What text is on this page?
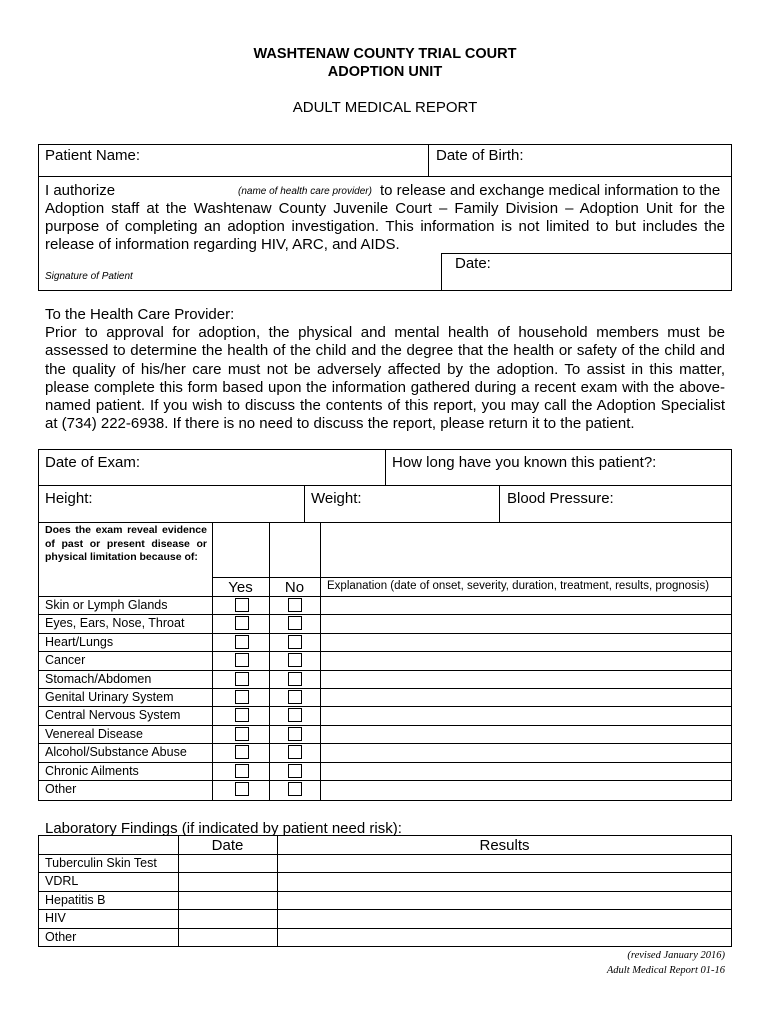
WASHTENAW COUNTY TRIAL COURT
ADOPTION UNIT
ADULT MEDICAL REPORT
Patient Name:	Date of Birth:
I authorize	(name of health care provider) to release and exchange medical information to the
Adoption staff at the Washtenaw County Juvenile Court – Family Division – Adoption Unit for the purpose of completing an adoption investigation. This information is not limited to but includes the release of information regarding HIV, ARC, and AIDS.
Date:
Signature of Patient
To the Health Care Provider:
Prior to approval for adoption, the physical and mental health of household members must be assessed to determine the health of the child and the degree that the health or safety of the child and the quality of his/her care must not be adversely affected by the adoption. To assist in this matter, please complete this form based upon the information gathered during a recent exam with the above-named patient. If you wish to discuss the contents of this report, you may call the Adoption Specialist at (734) 222-6938. If there is no need to discuss the report, please return it to the patient.
Date of Exam:	How long have you known this patient?:
Height:	Weight:	Blood Pressure:
Does the exam reveal evidence of past or present disease or physical limitation because of:
Yes	No	Explanation (date of onset, severity, duration, treatment, results, prognosis)
Skin or Lymph Glands
Eyes, Ears, Nose, Throat
Heart/Lungs
Cancer
Stomach/Abdomen
Genital Urinary System
Central Nervous System
Venereal Disease
Alcohol/Substance Abuse
Chronic Ailments
Other
Laboratory Findings (if indicated by patient need risk):
Date	Results
Tuberculin Skin Test
VDRL
Hepatitis B
HIV
Other
(revised January 2016)
Adult Medical Report 01-16
